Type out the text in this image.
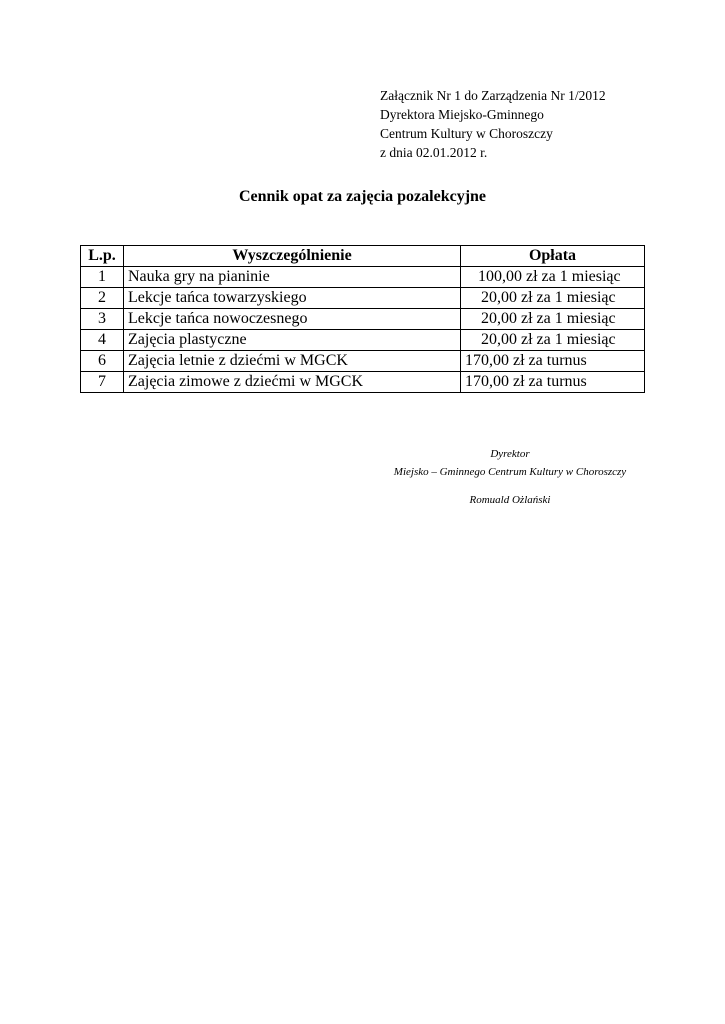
Załącznik Nr 1 do Zarządzenia Nr 1/2012
Dyrektora Miejsko-Gminnego
Centrum Kultury w Choroszczy
z dnia 02.01.2012 r.
Cennik opat za zajęcia pozalekcyjne
L.p.	Wyszczególnienie	Opłata
1	Nauka gry na pianinie	100,00 zł za 1 miesiąc
2	Lekcje tańca towarzyskiego	20,00 zł za 1 miesiąc
3	Lekcje tańca nowoczesnego	20,00 zł za 1 miesiąc
4	Zajęcia plastyczne	20,00 zł za 1 miesiąc
6	Zajęcia letnie z dziećmi w MGCK	170,00 zł za turnus
7	Zajęcia zimowe z dziećmi w MGCK	170,00 zł za turnus
Dyrektor
Miejsko – Gminnego Centrum Kultury w Choroszczy
Romuald Ożlański
